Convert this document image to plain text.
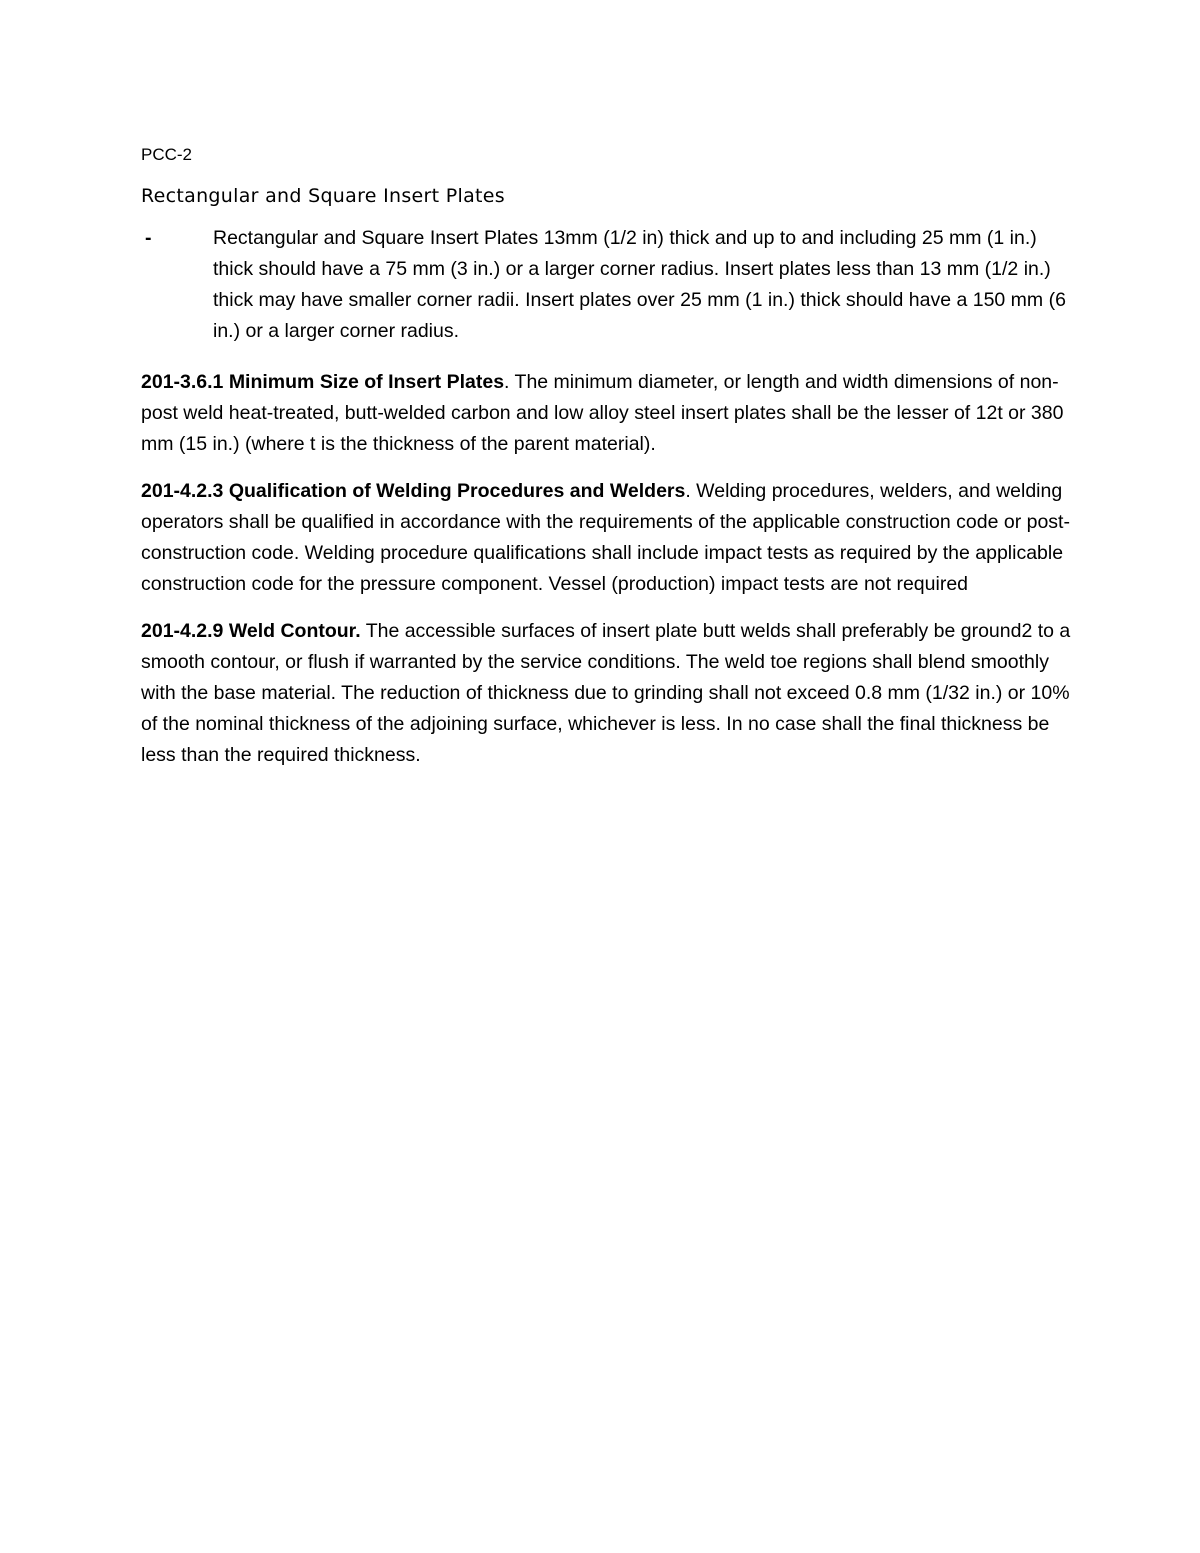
PCC-2
Rectangular and Square Insert Plates
-	Rectangular and Square Insert Plates 13mm (1/2 in) thick and up to and including 25 mm (1 in.) thick should have a 75 mm (3 in.) or a larger corner radius. Insert plates less than 13 mm (1/2 in.) thick may have smaller corner radii. Insert plates over 25 mm (1 in.) thick should have a 150 mm (6 in.) or a larger corner radius.

201-3.6.1 Minimum Size of Insert Plates. The minimum diameter, or length and width dimensions of non-post weld heat-treated, butt-welded carbon and low alloy steel insert plates shall be the lesser of 12t or 380 mm (15 in.) (where t is the thickness of the parent material).

201-4.2.3 Qualification of Welding Procedures and Welders. Welding procedures, welders, and welding operators shall be qualified in accordance with the requirements of the applicable construction code or post-construction code. Welding procedure qualifications shall include impact tests as required by the applicable construction code for the pressure component. Vessel (production) impact tests are not required

201-4.2.9 Weld Contour. The accessible surfaces of insert plate butt welds shall preferably be ground2 to a smooth contour, or flush if warranted by the service conditions. The weld toe regions shall blend smoothly with the base material. The reduction of thickness due to grinding shall not exceed 0.8 mm (1/32 in.) or 10% of the nominal thickness of the adjoining surface, whichever is less. In no case shall the final thickness be less than the required thickness.
